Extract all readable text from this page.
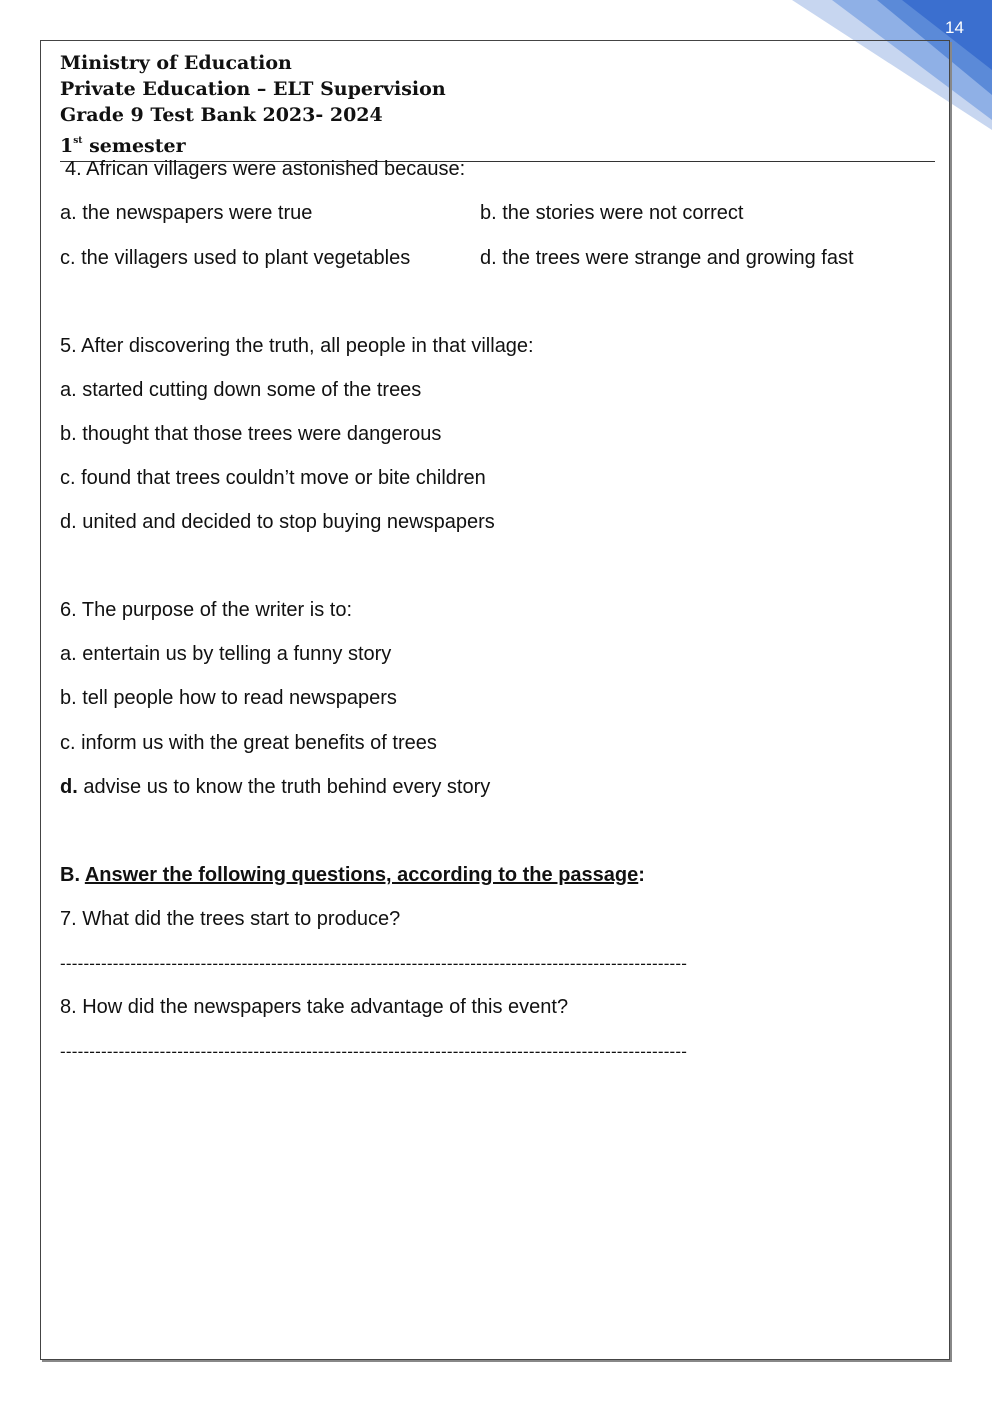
14
Ministry of Education
Private Education – ELT Supervision
Grade 9 Test Bank 2023- 2024
1st semester
4. African villagers were astonished because:
a. the newspapers were true	b. the stories were not correct
c. the villagers used to plant vegetables	d. the trees were strange and growing fast
5. After discovering the truth, all people in that village:
a. started cutting down some of the trees
b. thought that those trees were dangerous
c. found that trees couldn’t move or bite children
d. united and decided to stop buying newspapers
6. The purpose of the writer is to:
a. entertain us by telling a funny story
b. tell people how to read newspapers
c. inform us with the great benefits of trees
d. advise us to know the truth behind every story
B. Answer the following questions, according to the passage:
7. What did the trees start to produce?
-----------------------------------------------------------------------------------------------------------
8. How did the newspapers take advantage of this event?
-----------------------------------------------------------------------------------------------------------
